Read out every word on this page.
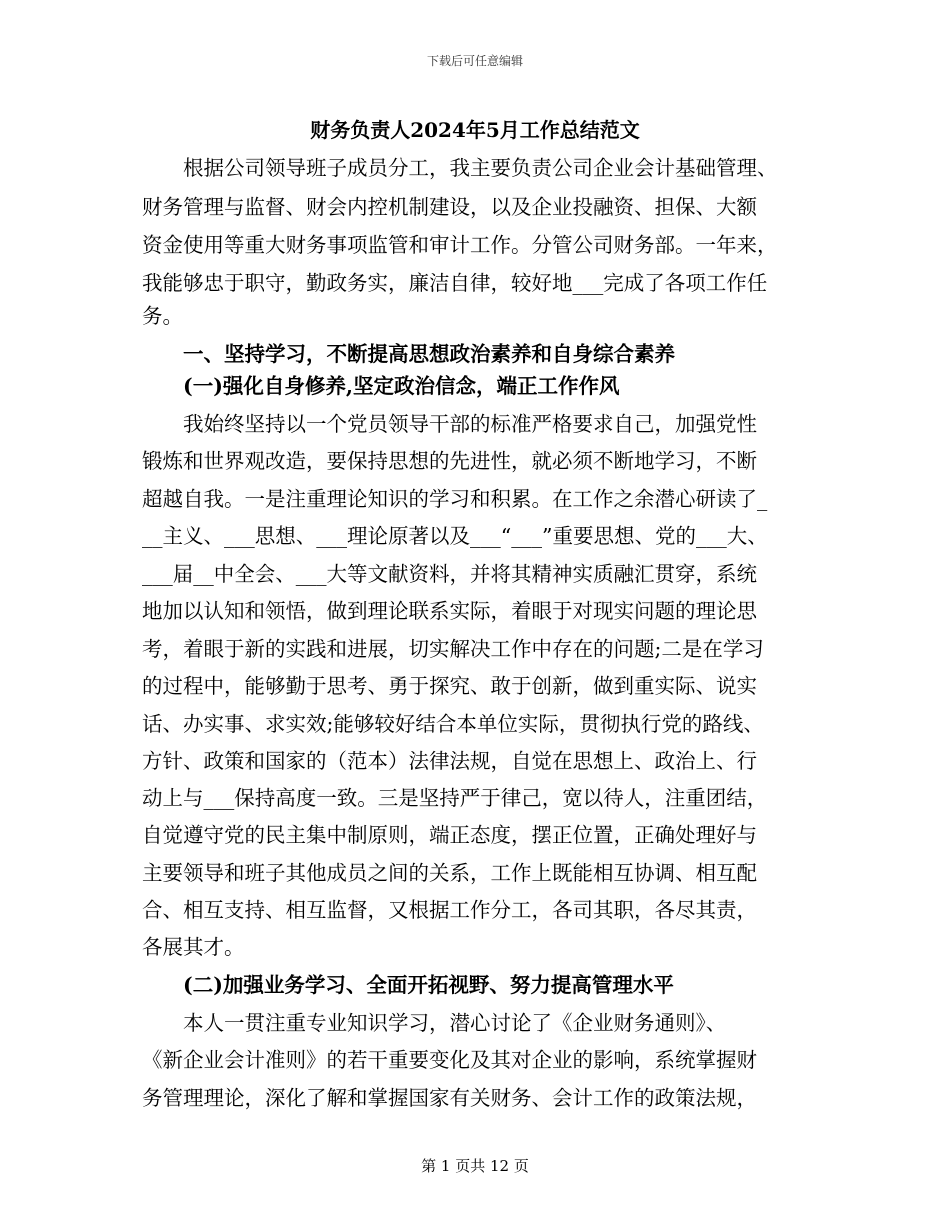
下载后可任意编辑
财务负责人2024年5月工作总结范文
　　根据公司领导班子成员分工，我主要负责公司企业会计基础管理、
财务管理与监督、财会内控机制建设，以及企业投融资、担保、大额
资金使用等重大财务事项监管和审计工作。分管公司财务部。一年来，
我能够忠于职守，勤政务实，廉洁自律，较好地___完成了各项工作任
务。
　　一、坚持学习，不断提高思想政治素养和自身综合素养
　　(一)强化自身修养,坚定政治信念，端正工作作风
　　我始终坚持以一个党员领导干部的标准严格要求自己，加强党性
锻炼和世界观改造，要保持思想的先进性，就必须不断地学习，不断
超越自我。一是注重理论知识的学习和积累。在工作之余潜心研读了_
__主义、___思想、___理论原著以及___“___”重要思想、党的___大、
___届__中全会、___大等文献资料，并将其精神实质融汇贯穿，系统
地加以认知和领悟，做到理论联系实际，着眼于对现实问题的理论思
考，着眼于新的实践和进展，切实解决工作中存在的问题;二是在学习
的过程中，能够勤于思考、勇于探究、敢于创新，做到重实际、说实
话、办实事、求实效;能够较好结合本单位实际，贯彻执行党的路线、
方针、政策和国家的（范本）法律法规，自觉在思想上、政治上、行
动上与___保持高度一致。三是坚持严于律己，宽以待人，注重团结，
自觉遵守党的民主集中制原则，端正态度，摆正位置，正确处理好与
主要领导和班子其他成员之间的关系，工作上既能相互协调、相互配
合、相互支持、相互监督，又根据工作分工，各司其职，各尽其责，
各展其才。
　　(二)加强业务学习、全面开拓视野、努力提高管理水平
　　本人一贯注重专业知识学习，潜心讨论了《企业财务通则》、
《新企业会计准则》的若干重要变化及其对企业的影响，系统掌握财
务管理理论，深化了解和掌握国家有关财务、会计工作的政策法规，
第 1 页共 12 页
